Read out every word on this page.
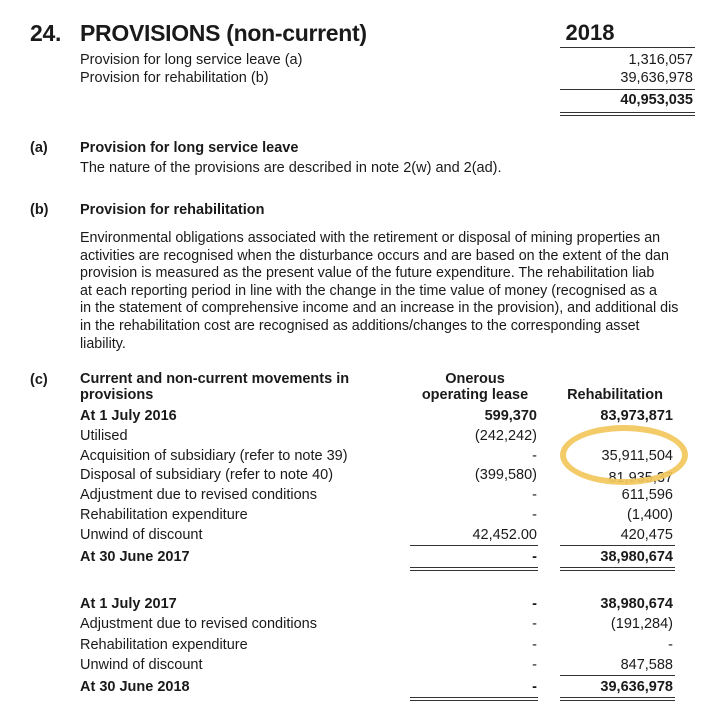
24. PROVISIONS (non-current)	2018
Provision for long service leave (a)	1,316,057
Provision for rehabilitation (b)	39,636,978
40,953,035
(a) Provision for long service leave
The nature of the provisions are described in note 2(w) and 2(ad).
(b) Provision for rehabilitation
Environmental obligations associated with the retirement or disposal of mining properties an
activities are recognised when the disturbance occurs and are based on the extent of the dan
provision is measured as the present value of the future expenditure. The rehabilitation liab
at each reporting period in line with the change in the time value of money (recognised as a
in the statement of comprehensive income and an increase in the provision), and additional dis
in the rehabilitation cost are recognised as additions/changes to the corresponding asset
liability.
(c) Current and non-current movements in
provisions
Onerous
operating lease	Rehabilitation
At 1 July 2016	599,370	83,973,871
Utilised	(242,242)
Acquisition of subsidiary (refer to note 39)	-	35,911,504
Disposal of subsidiary (refer to note 40)	(399,580)	81,935,37
Adjustment due to revised conditions	-	611,596
Rehabilitation expenditure	-	(1,400)
Unwind of discount	42,452.00	420,475
At 30 June 2017	-	38,980,674
At 1 July 2017	-	38,980,674
Adjustment due to revised conditions	-	(191,284)
Rehabilitation expenditure	-	-
Unwind of discount	-	847,588
At 30 June 2018	-	39,636,978
